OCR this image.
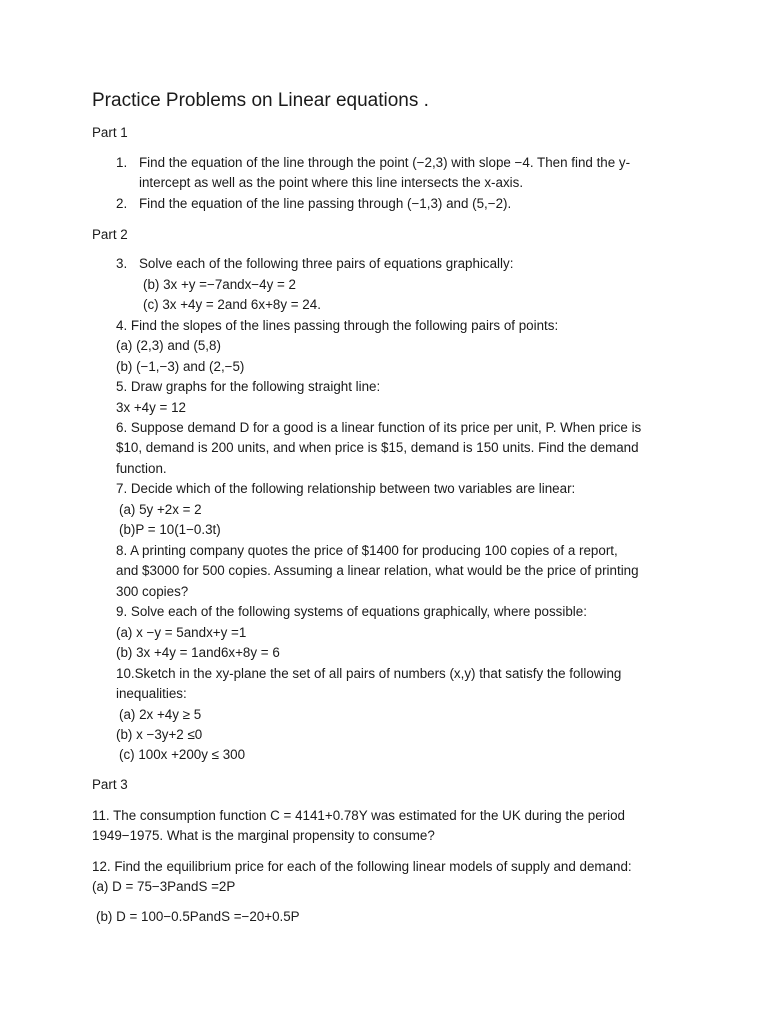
Practice Problems on Linear equations .
Part 1
1. Find the equation of the line through the point (−2,3) with slope −4. Then find the y-
intercept as well as the point where this line intersects the x-axis.
2. Find the equation of the line passing through (−1,3) and (5,−2).
Part 2
3. Solve each of the following three pairs of equations graphically:
(b) 3x +y =−7andx−4y = 2
(c) 3x +4y = 2and 6x+8y = 24.
4. Find the slopes of the lines passing through the following pairs of points:
(a) (2,3) and (5,8)
(b) (−1,−3) and (2,−5)
5. Draw graphs for the following straight line:
3x +4y = 12
6. Suppose demand D for a good is a linear function of its price per unit, P. When price is
$10, demand is 200 units, and when price is $15, demand is 150 units. Find the demand
function.
7. Decide which of the following relationship between two variables are linear:
(a) 5y +2x = 2
(b)P = 10(1−0.3t)
8. A printing company quotes the price of $1400 for producing 100 copies of a report,
and $3000 for 500 copies. Assuming a linear relation, what would be the price of printing
300 copies?
9. Solve each of the following systems of equations graphically, where possible:
(a) x −y = 5andx+y =1
(b) 3x +4y = 1and6x+8y = 6
10.Sketch in the xy-plane the set of all pairs of numbers (x,y) that satisfy the following
inequalities:
(a) 2x +4y ≥ 5
(b) x −3y+2 ≤0
(c) 100x +200y ≤ 300
Part 3
11. The consumption function C = 4141+0.78Y was estimated for the UK during the period
1949−1975. What is the marginal propensity to consume?
12. Find the equilibrium price for each of the following linear models of supply and demand:
(a) D = 75−3PandS =2P
(b) D = 100−0.5PandS =−20+0.5P
